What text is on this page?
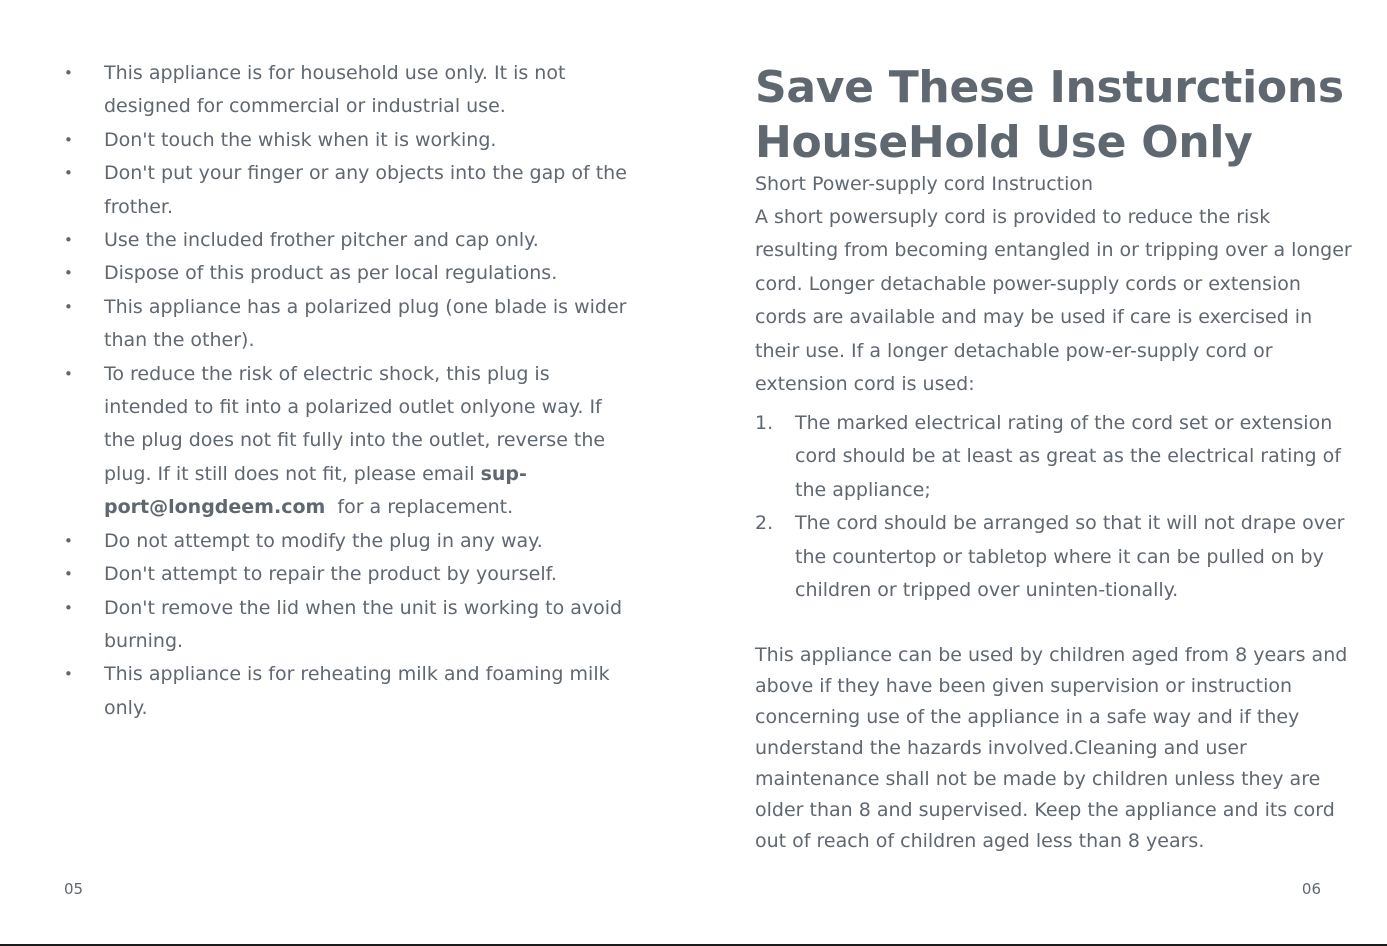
• This appliance is for household use only. It is not designed for commercial or industrial use.
• Don't touch the whisk when it is working.
• Don't put your finger or any objects into the gap of the frother.
• Use the included frother pitcher and cap only.
• Dispose of this product as per local regulations.
• This appliance has a polarized plug (one blade is wider than the other).
• To reduce the risk of electric shock, this plug is intended to fit into a polarized outlet onlyone way. If the plug does not fit fully into the outlet, reverse the plug. If it still does not fit, please email sup-port@longdeem.com  for a replacement.
• Do not attempt to modify the plug in any way.
• Don't attempt to repair the product by yourself.
• Don't remove the lid when the unit is working to avoid burning.
• This appliance is for reheating milk and foaming milk only.
05
Save These Insturctions
HouseHold Use Only

Short Power-supply cord Instruction

A short powersuply cord is provided to reduce the risk resulting from becoming entangled in or tripping over a longer cord. Longer detachable power-supply cords or extension cords are available and may be used if care is exercised in their use. If a longer detachable pow-er-supply cord or extension cord is used:

1. The marked electrical rating of the cord set or extension cord should be at least as great as the electrical rating of the appliance;
2. The cord should be arranged so that it will not drape over the countertop or tabletop where it can be pulled on by children or tripped over uninten-tionally.

This appliance can be used by children aged from 8 years and above if they have been given supervision or instruction concerning use of the appliance in a safe way and if they understand the hazards involved.Cleaning and user maintenance shall not be made by children unless they are older than 8 and supervised. Keep the appliance and its cord out of reach of children aged less than 8 years.

06
